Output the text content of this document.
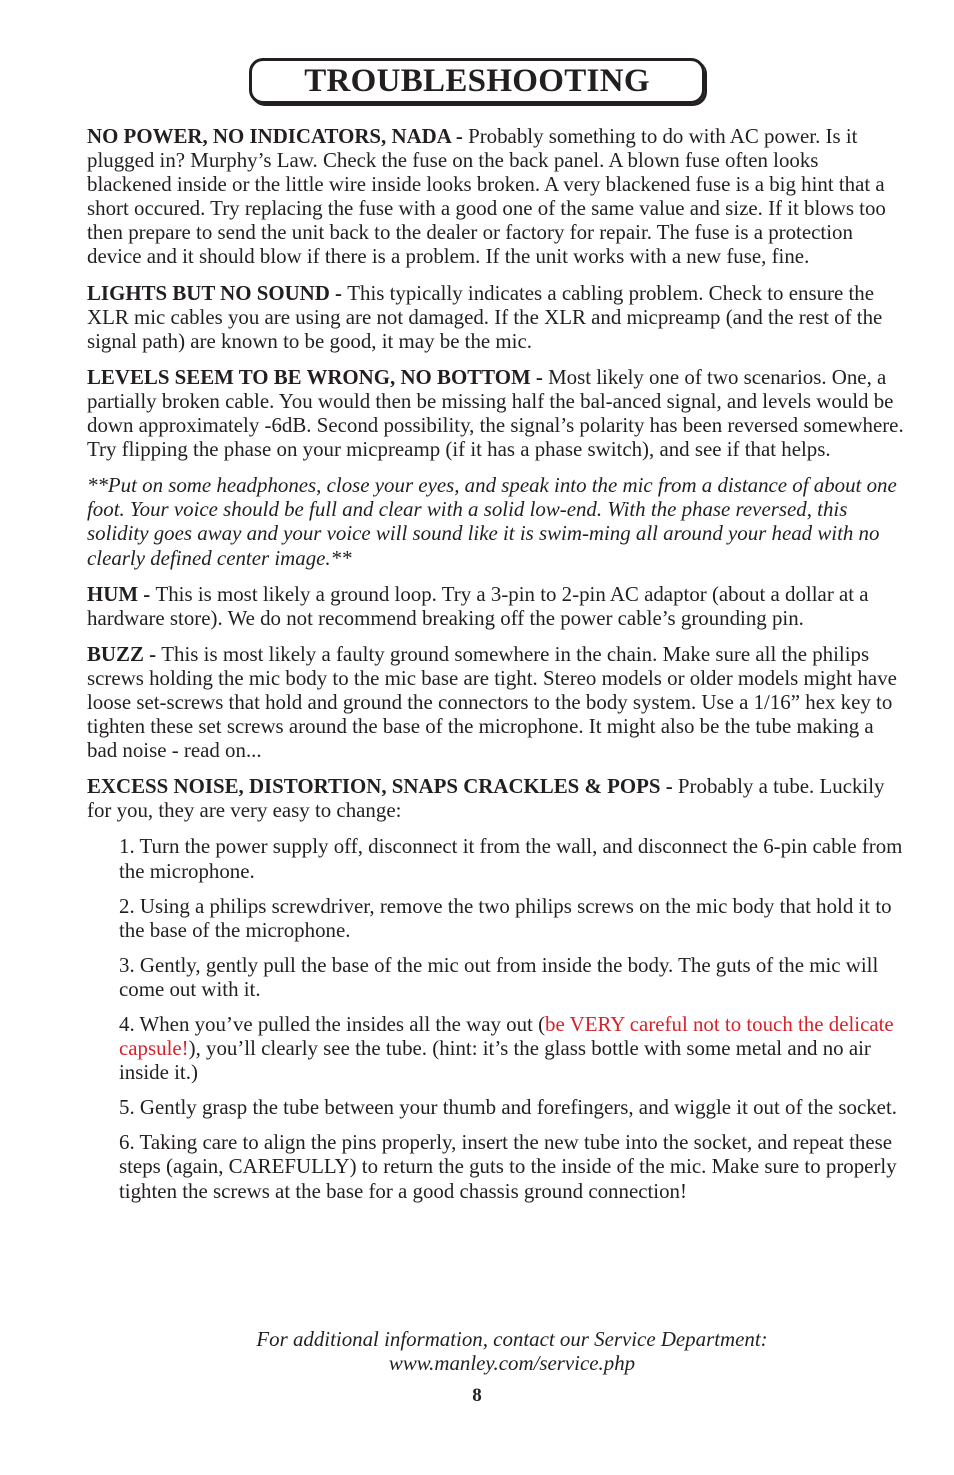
TROUBLESHOOTING

NO POWER, NO INDICATORS, NADA - Probably something to do with AC power. Is it plugged in? Murphy’s Law. Check the fuse on the back panel. A blown fuse often looks blackened inside or the little wire inside looks broken. A very blackened fuse is a big hint that a short occured. Try replacing the fuse with a good one of the same value and size. If it blows too then prepare to send the unit back to the dealer or factory for repair. The fuse is a protection device and it should blow if there is a problem. If the unit works with a new fuse, fine.

LIGHTS BUT NO SOUND - This typically indicates a cabling problem. Check to ensure the XLR mic cables you are using are not damaged. If the XLR and micpreamp (and the rest of the signal path) are known to be good, it may be the mic.

LEVELS SEEM TO BE WRONG, NO BOTTOM - Most likely one of two scenarios. One, a partially broken cable. You would then be missing half the bal-anced signal, and levels would be down approximately -6dB. Second possibility, the signal’s polarity has been reversed somewhere. Try flipping the phase on your micpreamp (if it has a phase switch), and see if that helps.

**Put on some headphones, close your eyes, and speak into the mic from a distance of about one foot. Your voice should be full and clear with a solid low-end. With the phase reversed, this solidity goes away and your voice will sound like it is swim-ming all around your head with no clearly defined center image.**

HUM - This is most likely a ground loop. Try a 3-pin to 2-pin AC adaptor (about a dollar at a hardware store). We do not recommend breaking off the power cable’s grounding pin.

BUZZ - This is most likely a faulty ground somewhere in the chain. Make sure all the philips screws holding the mic body to the mic base are tight. Stereo models or older models might have loose set-screws that hold and ground the connectors to the body system. Use a 1/16” hex key to tighten these set screws around the base of the microphone. It might also be the tube making a bad noise - read on...

EXCESS NOISE, DISTORTION, SNAPS CRACKLES & POPS - Probably a tube. Luckily for you, they are very easy to change:

1. Turn the power supply off, disconnect it from the wall, and disconnect the 6-pin cable from the microphone.

2. Using a philips screwdriver, remove the two philips screws on the mic body that hold it to the base of the microphone.

3. Gently, gently pull the base of the mic out from inside the body. The guts of the mic will come out with it.

4. When you’ve pulled the insides all the way out (be VERY careful not to touch the delicate capsule!), you’ll clearly see the tube. (hint: it’s the glass bottle with some metal and no air inside it.)

5. Gently grasp the tube between your thumb and forefingers, and wiggle it out of the socket.

6. Taking care to align the pins properly, insert the new tube into the socket, and repeat these steps (again, CAREFULLY) to return the guts to the inside of the mic. Make sure to properly tighten the screws at the base for a good chassis ground connection!

For additional information, contact our Service Department:
www.manley.com/service.php
8
